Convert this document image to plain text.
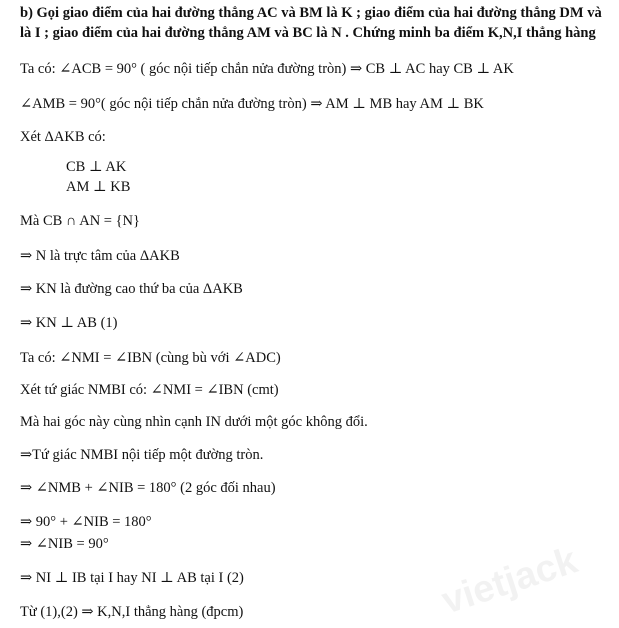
vietjack
b) Gọi giao điểm của hai đường thẳng AC và BM là K ; giao điểm của hai đường thẳng DM và
là I ; giao điểm của hai đường thẳng AM và BC là N . Chứng minh ba điểm K,N,I thẳng hàng
Ta có: ∠ACB = 90° ( góc nội tiếp chắn nửa đường tròn) ⇒ CB ⊥ AC hay CB ⊥ AK
∠AMB = 90°( góc nội tiếp chắn nửa đường tròn) ⇒ AM ⊥ MB hay AM ⊥ BK
Xét ΔAKB có:
CB ⊥ AK
AM ⊥ KB
Mà CB ∩ AN = {N}
⇒ N là trực tâm của ΔAKB
⇒ KN là đường cao thứ ba của ΔAKB
⇒ KN ⊥ AB (1)
Ta có: ∠NMI = ∠IBN (cùng bù với ∠ADC)
Xét tứ giác NMBI có: ∠NMI = ∠IBN (cmt)
Mà hai góc này cùng nhìn cạnh IN dưới một góc không đổi.
⇒Tứ giác NMBI nội tiếp một đường tròn.
⇒ ∠NMB + ∠NIB = 180° (2 góc đối nhau)
⇒ 90° + ∠NIB = 180°
⇒ ∠NIB = 90°
⇒ NI ⊥ IB tại I hay NI ⊥ AB tại I (2)
Từ (1),(2) ⇒ K,N,I thẳng hàng (đpcm)
